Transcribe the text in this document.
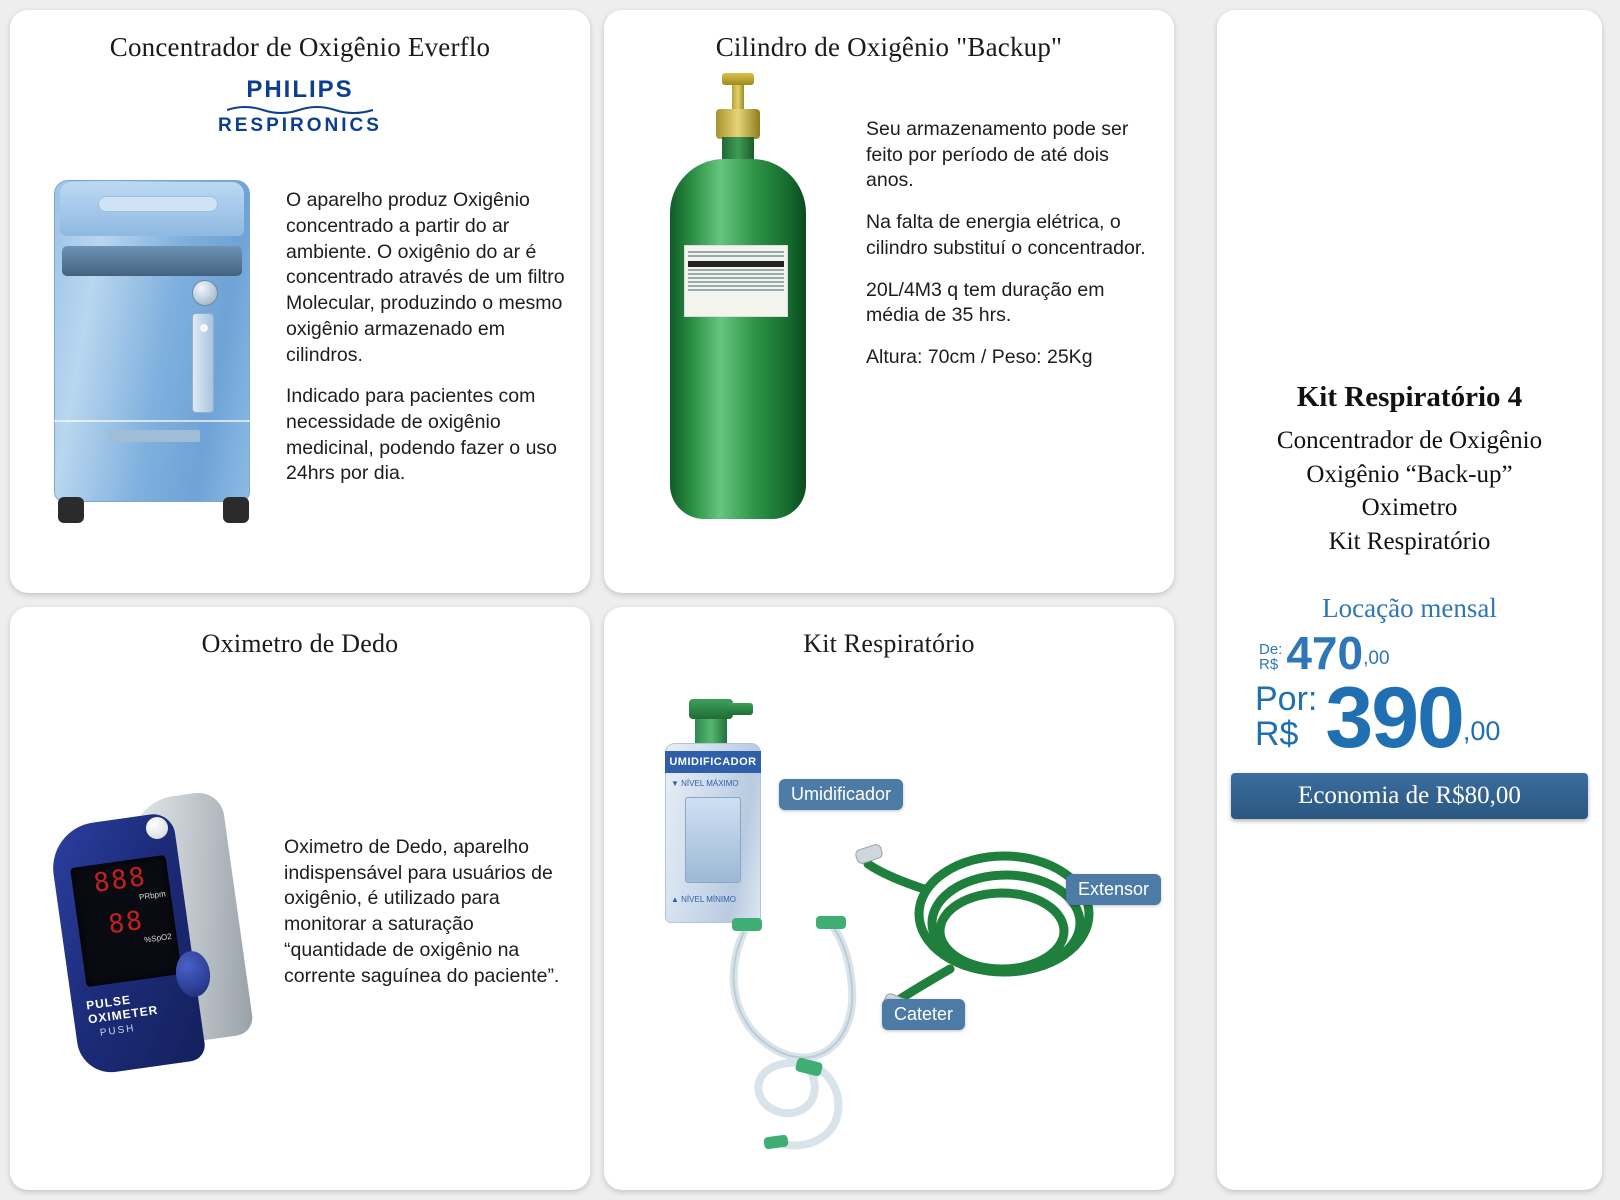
Concentrador de Oxigênio Everflo
PHILIPS
RESPIRONICS

O aparelho produz Oxigênio concentrado a partir do ar ambiente. O oxigênio do ar é concentrado através de um filtro Molecular, produzindo o mesmo oxigênio armazenado em cilindros.

Indicado para pacientes com necessidade de oxigênio medicinal, podendo fazer o uso 24hrs por dia.

Cilindro de Oxigênio "Backup"

Seu armazenamento pode ser feito por período de até dois anos.

Na falta de energia elétrica, o cilindro substituí o concentrador.

20L/4M3 q tem duração em média de 35 hrs.

Altura: 70cm / Peso: 25Kg

Oximetro de Dedo
888
PRbpm
88
%SpO2
PULSE OXIMETER
PUSH

Oximetro de Dedo, aparelho indispensável para usuários de oxigênio, é utilizado para monitorar a saturação “quantidade de oxigênio na corrente saguínea do paciente”.

Kit Respiratório
UMIDIFICADOR
▼ NÍVEL MÁXIMO
▲ NÍVEL MÍNIMO
Umidificador
Extensor
Cateter
Kit Respiratório 4
Concentrador de Oxigênio
Oxigênio “Back-up”
Oximetro
Kit Respiratório
Locação mensal
De:
R$ 470 ,00
Por:
R$ 390 ,00
Economia de R$80,00
